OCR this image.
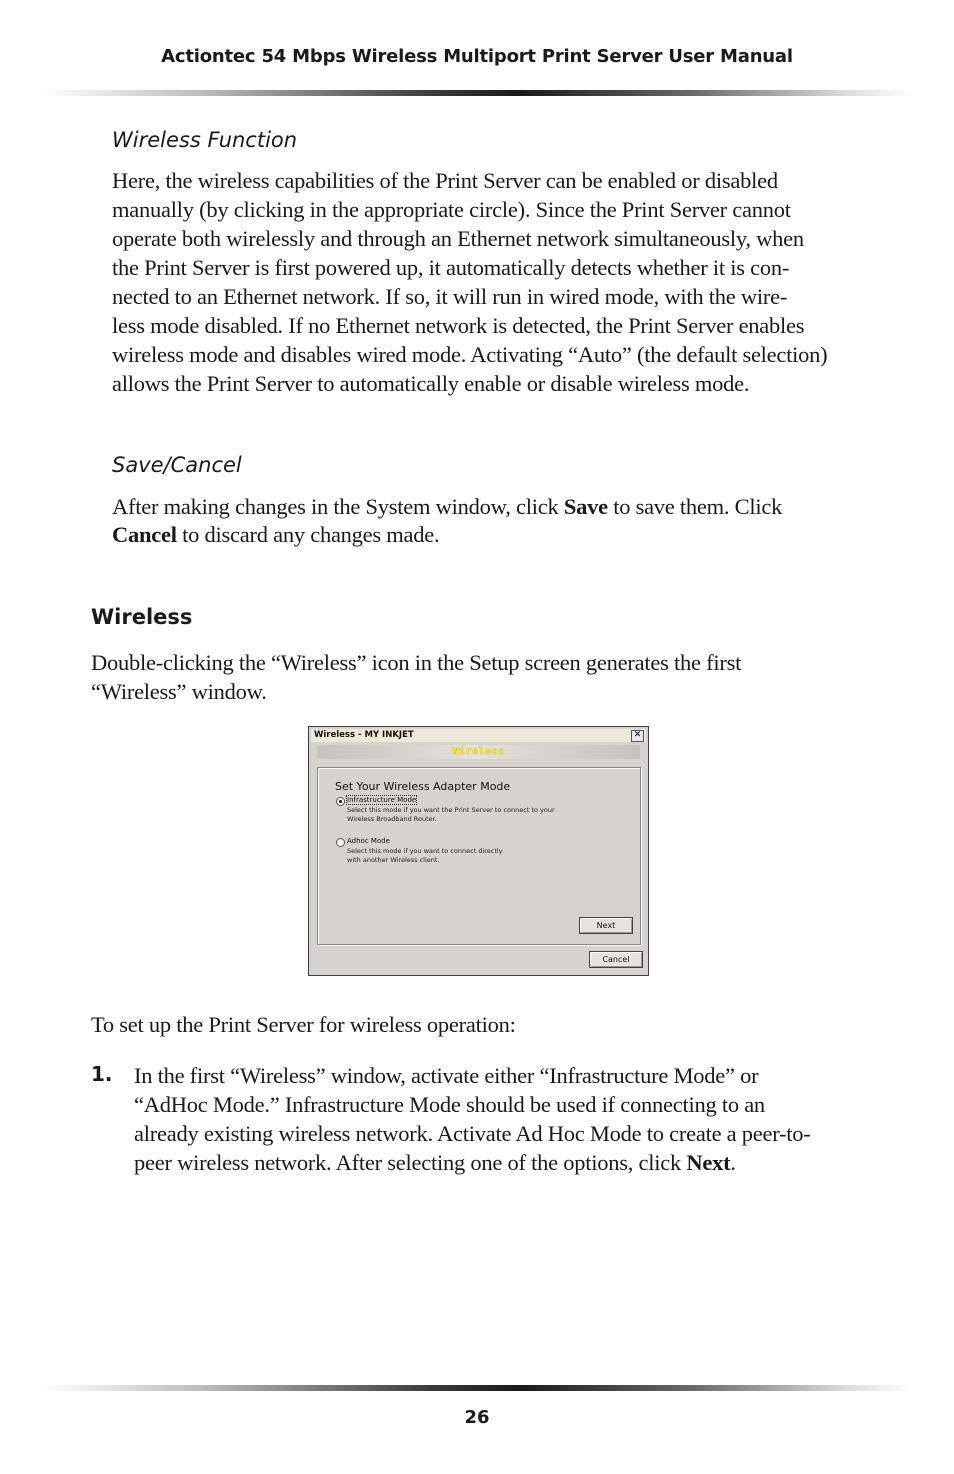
Actiontec 54 Mbps Wireless Multiport Print Server User Manual
Wireless Function

Here, the wireless capabilities of the Print Server can be enabled or disabled

manually (by clicking in the appropriate circle). Since the Print Server cannot

operate both wirelessly and through an Ethernet network simultaneously, when

the Print Server is first powered up, it automatically detects whether it is con-

nected to an Ethernet network. If so, it will run in wired mode, with the wire-

less mode disabled. If no Ethernet network is detected, the Print Server enables

wireless mode and disables wired mode. Activating “Auto” (the default selection)

allows the Print Server to automatically enable or disable wireless mode.

Save/Cancel

After making changes in the System window, click Save to save them. Click

Cancel to discard any changes made.

Wireless

Double-clicking the “Wireless” icon in the Setup screen generates the first

“Wireless” window.

Wireless - MY INKJET	✕
Wireless
Set Your Wireless Adapter Mode
Infrastructure Mode
Select this mode if you want the Print Server to connect to your
Wireless Broadband Router.
Adhoc Mode
Select this mode if you want to connect directly
with another Wireless client.
Next
Cancel

To set up the Print Server for wireless operation:

1. In the first “Wireless” window, activate either “Infrastructure Mode” or

“AdHoc Mode.” Infrastructure Mode should be used if connecting to an

already existing wireless network. Activate Ad Hoc Mode to create a peer-to-

peer wireless network. After selecting one of the options, click Next.

26
